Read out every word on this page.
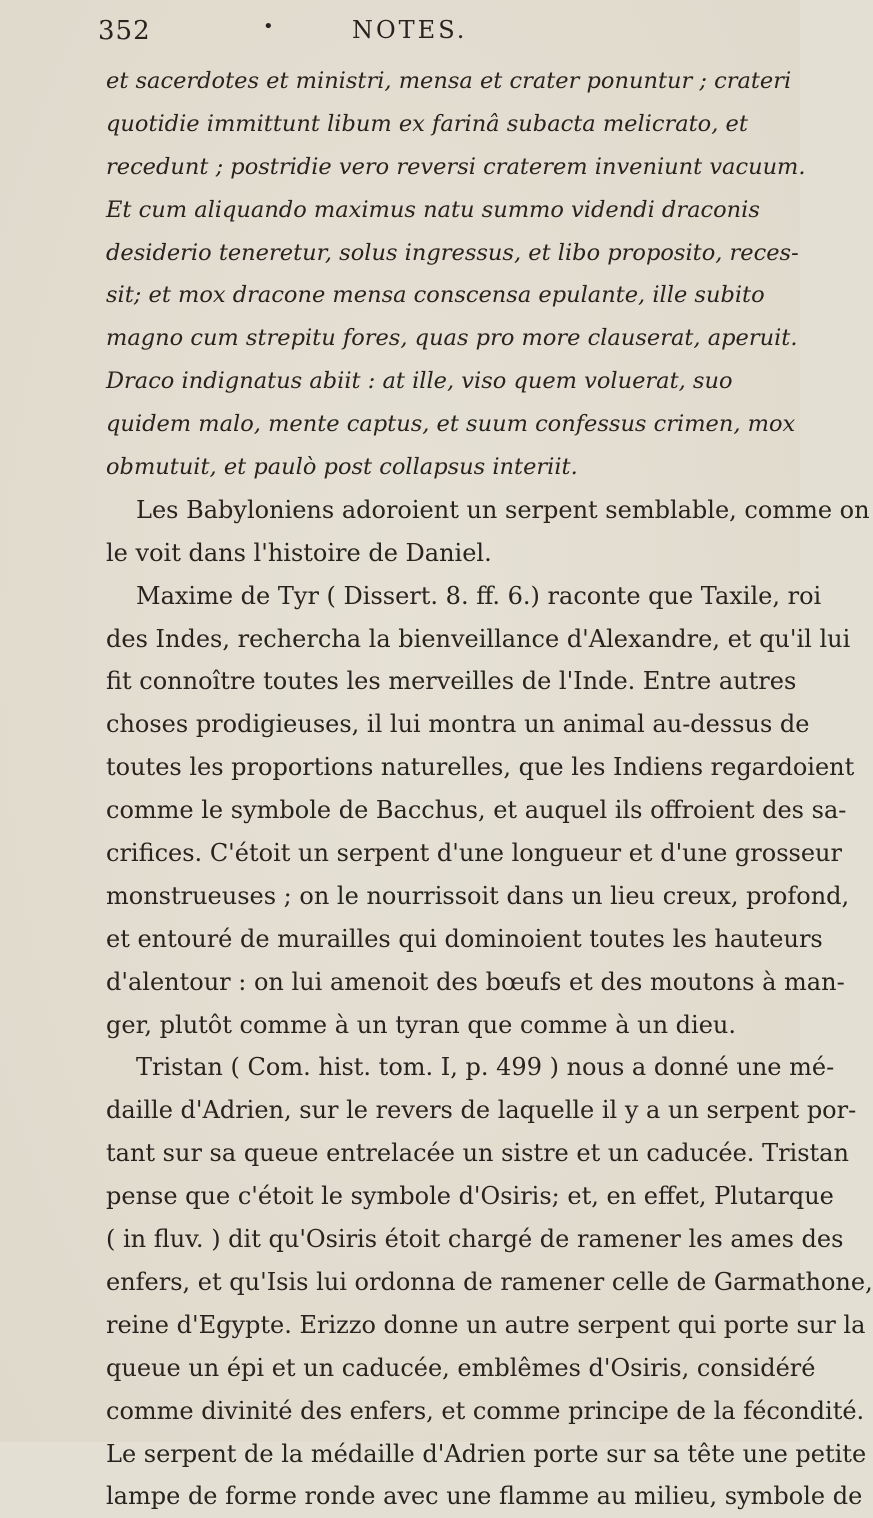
352	•	NOTES.
et sacerdotes et ministri, mensa et crater ponuntur ; crateri
quotidie immittunt libum ex farinâ subacta melicrato, et
recedunt ; postridie vero reversi craterem inveniunt vacuum.
Et cum aliquando maximus natu summo videndi draconis
desiderio teneretur, solus ingressus, et libo proposito, reces-
sit; et mox dracone mensa conscensa epulante, ille subito
magno cum strepitu fores, quas pro more clauserat, aperuit.
Draco indignatus abiit : at ille, viso quem voluerat, suo
quidem malo, mente captus, et suum confessus crimen, mox
obmutuit, et paulò post collapsus interiit.
Les Babyloniens adoroient un serpent semblable, comme on
le voit dans l'histoire de Daniel.
Maxime de Tyr ( Dissert. 8. ff. 6.) raconte que Taxile, roi
des Indes, rechercha la bienveillance d'Alexandre, et qu'il lui
fit connoître toutes les merveilles de l'Inde. Entre autres
choses prodigieuses, il lui montra un animal au-dessus de
toutes les proportions naturelles, que les Indiens regardoient
comme le symbole de Bacchus, et auquel ils offroient des sa-
crifices. C'étoit un serpent d'une longueur et d'une grosseur
monstrueuses ; on le nourrissoit dans un lieu creux, profond,
et entouré de murailles qui dominoient toutes les hauteurs
d'alentour : on lui amenoit des bœufs et des moutons à man-
ger, plutôt comme à un tyran que comme à un dieu.
Tristan ( Com. hist. tom. I, p. 499 ) nous a donné une mé-
daille d'Adrien, sur le revers de laquelle il y a un serpent por-
tant sur sa queue entrelacée un sistre et un caducée. Tristan
pense que c'étoit le symbole d'Osiris; et, en effet, Plutarque
( in fluv. ) dit qu'Osiris étoit chargé de ramener les ames des
enfers, et qu'Isis lui ordonna de ramener celle de Garmathone,
reine d'Egypte. Erizzo donne un autre serpent qui porte sur la
queue un épi et un caducée, emblêmes d'Osiris, considéré
comme divinité des enfers, et comme principe de la fécondité.
Le serpent de la médaille d'Adrien porte sur sa tête une petite
lampe de forme ronde avec une flamme au milieu, symbole de
